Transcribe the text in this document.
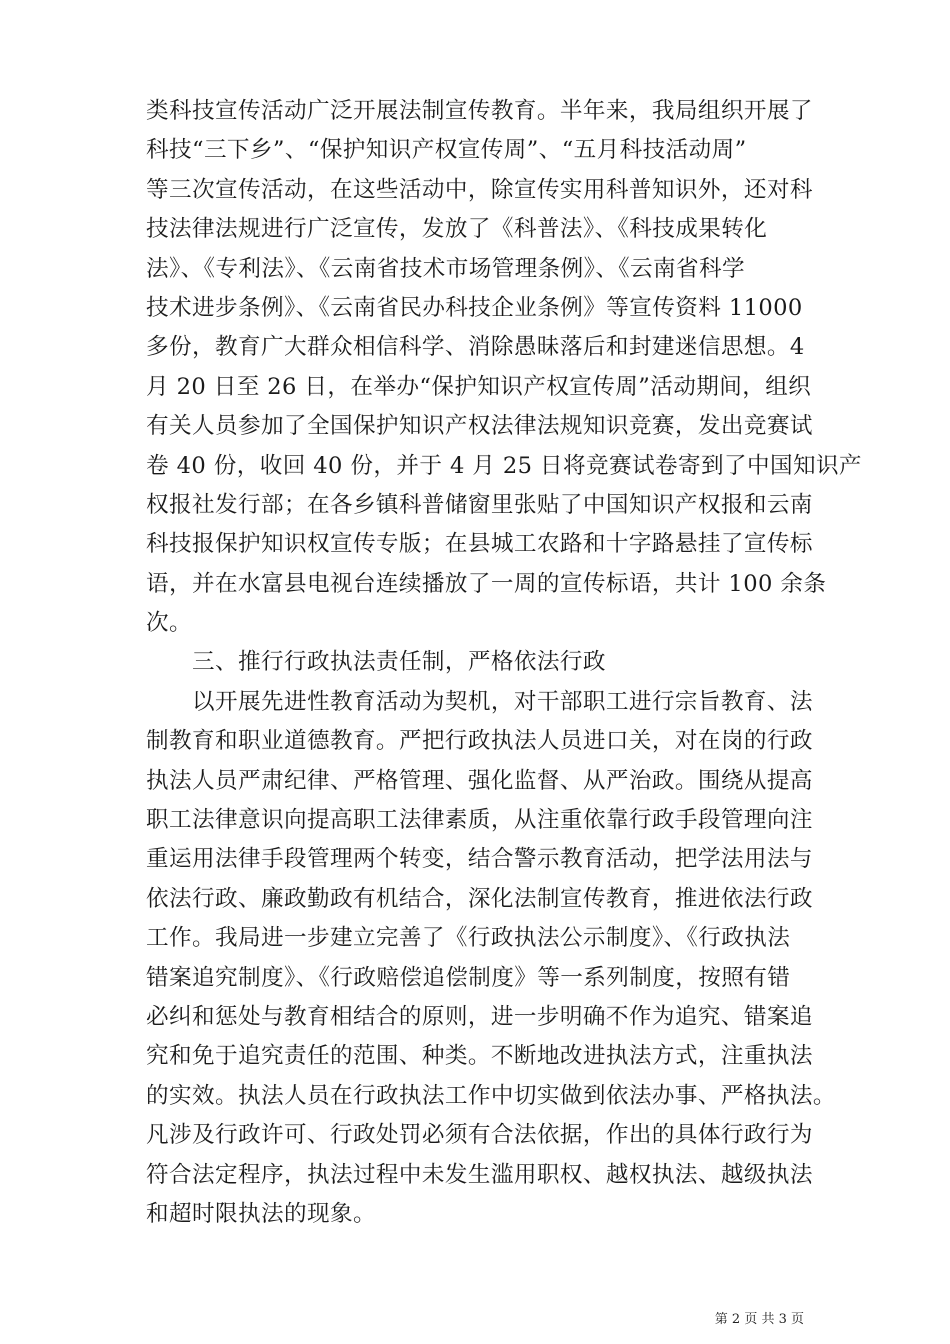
类科技宣传活动广泛开展法制宣传教育。半年来，我局组织开展了
科技“三下乡”、“保护知识产权宣传周”、“五月科技活动周”
等三次宣传活动，在这些活动中，除宣传实用科普知识外，还对科
技法律法规进行广泛宣传，发放了《科普法》、《科技成果转化
法》、《专利法》、《云南省技术市场管理条例》、《云南省科学
技术进步条例》、《云南省民办科技企业条例》等宣传资料 11000
多份，教育广大群众相信科学、消除愚昧落后和封建迷信思想。4
月 20 日至 26 日，在举办“保护知识产权宣传周”活动期间，组织
有关人员参加了全国保护知识产权法律法规知识竞赛，发出竞赛试
卷 40 份，收回 40 份，并于 4 月 25 日将竞赛试卷寄到了中国知识产
权报社发行部；在各乡镇科普储窗里张贴了中国知识产权报和云南
科技报保护知识权宣传专版；在县城工农路和十字路悬挂了宣传标
语，并在水富县电视台连续播放了一周的宣传标语，共计 100 余条
次。
三、推行行政执法责任制，严格依法行政
以开展先进性教育活动为契机，对干部职工进行宗旨教育、法
制教育和职业道德教育。严把行政执法人员进口关，对在岗的行政
执法人员严肃纪律、严格管理、强化监督、从严治政。围绕从提高
职工法律意识向提高职工法律素质，从注重依靠行政手段管理向注
重运用法律手段管理两个转变，结合警示教育活动，把学法用法与
依法行政、廉政勤政有机结合，深化法制宣传教育，推进依法行政
工作。我局进一步建立完善了《行政执法公示制度》、《行政执法
错案追究制度》、《行政赔偿追偿制度》等一系列制度，按照有错
必纠和惩处与教育相结合的原则，进一步明确不作为追究、错案追
究和免于追究责任的范围、种类。不断地改进执法方式，注重执法
的实效。执法人员在行政执法工作中切实做到依法办事、严格执法。
凡涉及行政许可、行政处罚必须有合法依据，作出的具体行政行为
符合法定程序，执法过程中未发生滥用职权、越权执法、越级执法
和超时限执法的现象。
第 2 页 共 3 页
